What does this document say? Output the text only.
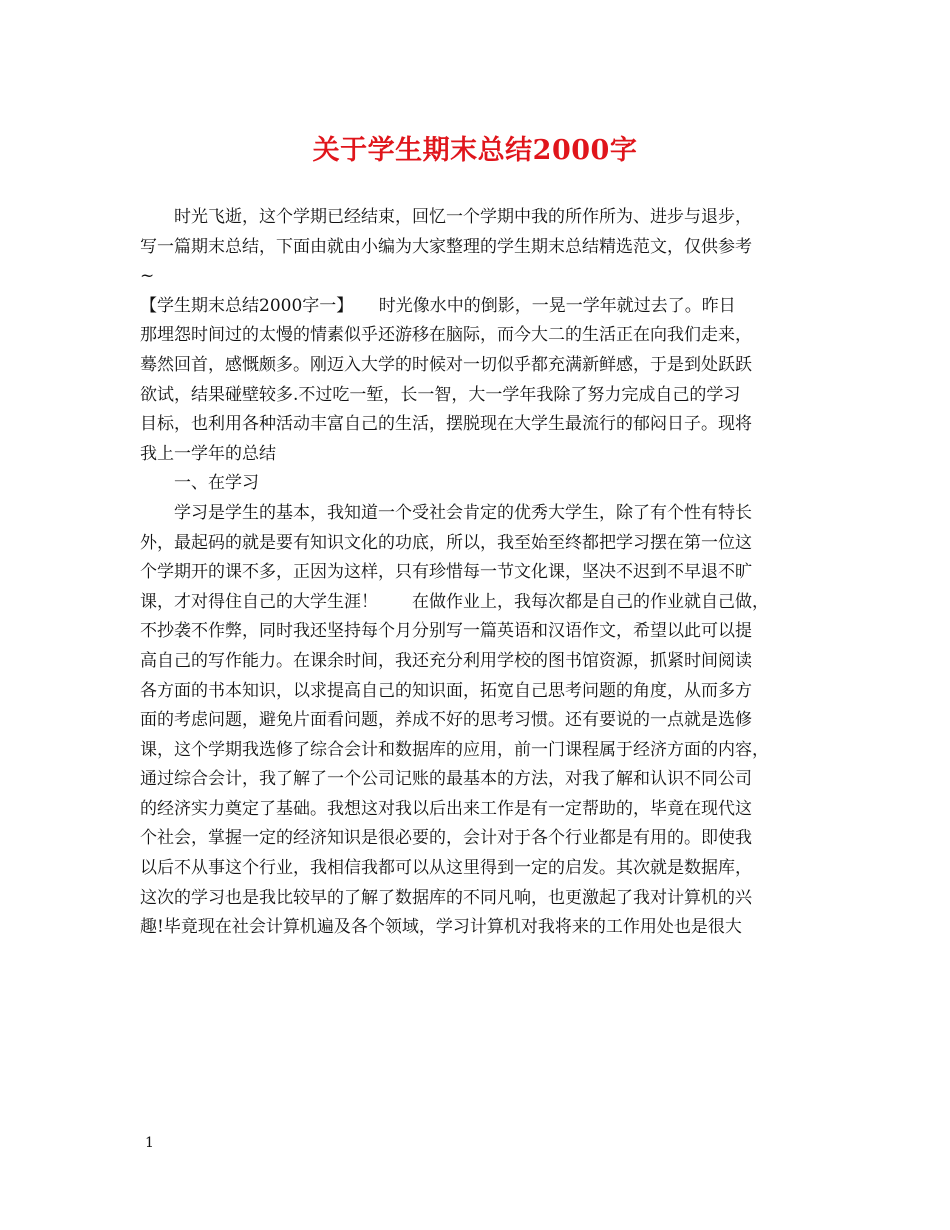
关于学生期末总结2000字
时光飞逝，这个学期已经结束，回忆一个学期中我的所作所为、进步与退步，
写一篇期末总结，下面由就由小编为大家整理的学生期末总结精选范文，仅供参考
~
【学生期末总结2000字一】　　时光像水中的倒影，一晃一学年就过去了。昨日
那埋怨时间过的太慢的情素似乎还游移在脑际，而今大二的生活正在向我们走来，
蓦然回首，感慨颇多。刚迈入大学的时候对一切似乎都充满新鲜感，于是到处跃跃
欲试，结果碰壁较多.不过吃一堑，长一智，大一学年我除了努力完成自己的学习
目标，也利用各种活动丰富自己的生活，摆脱现在大学生最流行的郁闷日子。现将
我上一学年的总结
一、在学习
学习是学生的基本，我知道一个受社会肯定的优秀大学生，除了有个性有特长
外，最起码的就是要有知识文化的功底，所以，我至始至终都把学习摆在第一位这
个学期开的课不多，正因为这样，只有珍惜每一节文化课，坚决不迟到不早退不旷
课，才对得住自己的大学生涯！　　在做作业上，我每次都是自己的作业就自己做，
不抄袭不作弊，同时我还坚持每个月分别写一篇英语和汉语作文，希望以此可以提
高自己的写作能力。在课余时间，我还充分利用学校的图书馆资源，抓紧时间阅读
各方面的书本知识，以求提高自己的知识面，拓宽自己思考问题的角度，从而多方
面的考虑问题，避免片面看问题，养成不好的思考习惯。还有要说的一点就是选修
课，这个学期我选修了综合会计和数据库的应用，前一门课程属于经济方面的内容，
通过综合会计，我了解了一个公司记账的最基本的方法，对我了解和认识不同公司
的经济实力奠定了基础。我想这对我以后出来工作是有一定帮助的，毕竟在现代这
个社会，掌握一定的经济知识是很必要的，会计对于各个行业都是有用的。即使我
以后不从事这个行业，我相信我都可以从这里得到一定的启发。其次就是数据库，
这次的学习也是我比较早的了解了数据库的不同凡响，也更激起了我对计算机的兴
趣!毕竟现在社会计算机遍及各个领域，学习计算机对我将来的工作用处也是很大
1
